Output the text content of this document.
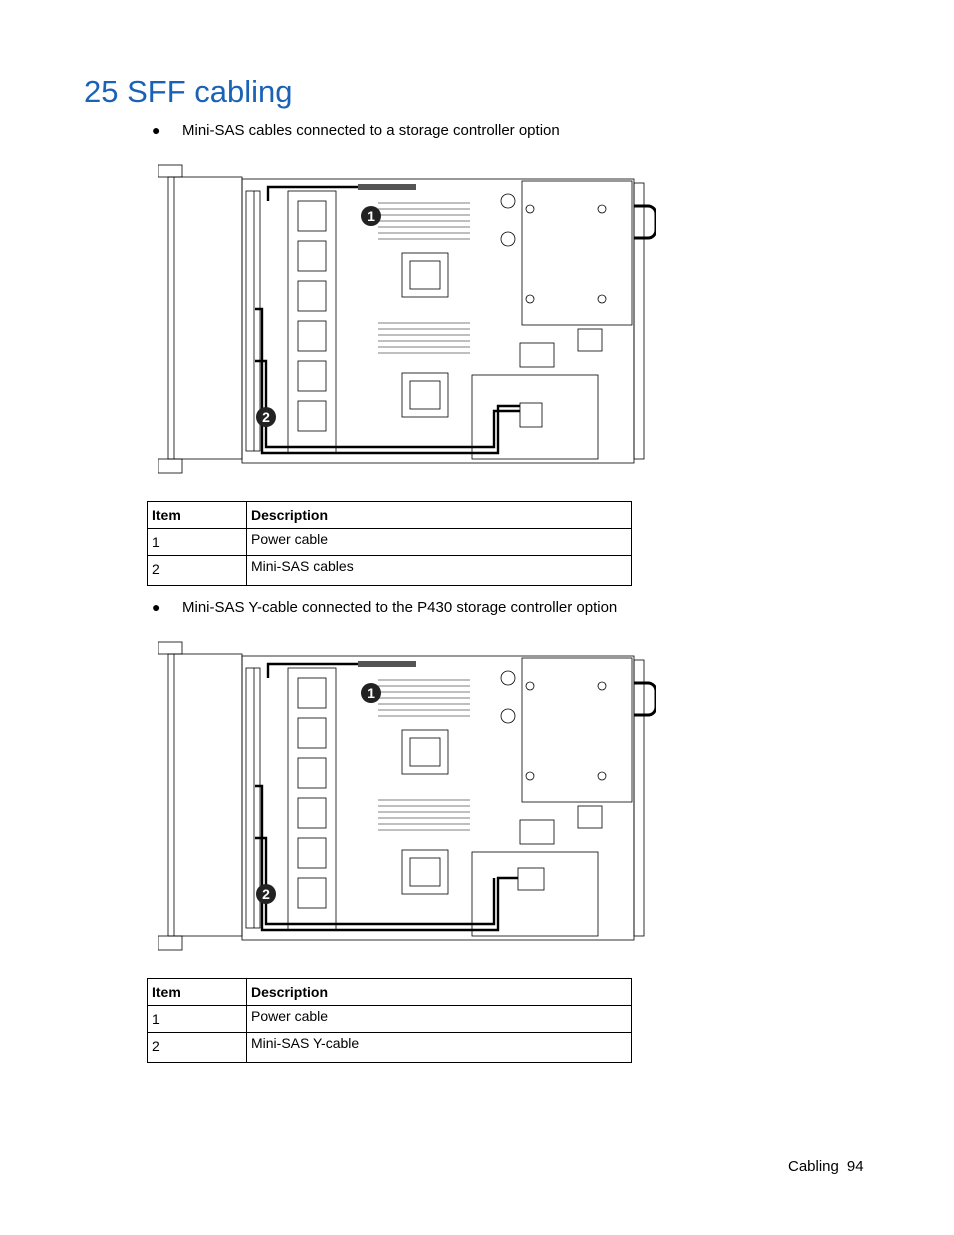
25 SFF cabling
●	Mini-SAS cables connected to a storage controller option
1
2
Item	Description
1	Power cable
2	Mini-SAS cables
●	Mini-SAS Y-cable connected to the P430 storage controller option
1
2
Item	Description
1	Power cable
2	Mini-SAS Y-cable
Cabling 94
